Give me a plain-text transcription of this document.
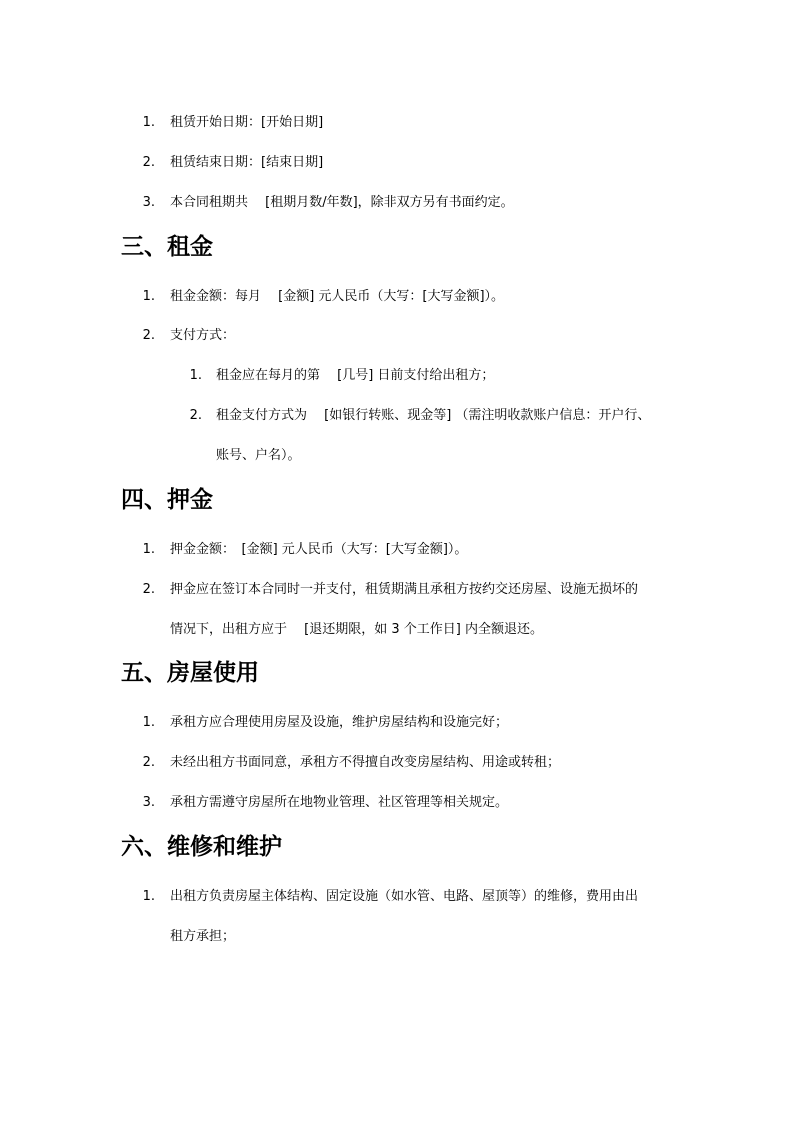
1. 租赁开始日期：[开始日期]
2. 租赁结束日期：[结束日期]
3. 本合同租期共　 [租期月数/年数]，除非双方另有书面约定。
三、租金
1. 租金金额：每月　 [金额] 元人民币（大写：[大写金额]）。
2. 支付方式：
1. 租金应在每月的第　 [几号] 日前支付给出租方；
2. 租金支付方式为　 [如银行转账、现金等] （需注明收款账户信息：开户行、
账号、户名）。
四、押金
1. 押金金额：　[金额] 元人民币（大写：[大写金额]）。
2. 押金应在签订本合同时一并支付，租赁期满且承租方按约交还房屋、设施无损坏的
情况下，出租方应于　 [退还期限，如 3 个工作日] 内全额退还。
五、房屋使用
1. 承租方应合理使用房屋及设施，维护房屋结构和设施完好；
2. 未经出租方书面同意，承租方不得擅自改变房屋结构、用途或转租；
3. 承租方需遵守房屋所在地物业管理、社区管理等相关规定。
六、维修和维护
1. 出租方负责房屋主体结构、固定设施（如水管、电路、屋顶等）的维修，费用由出
租方承担；
